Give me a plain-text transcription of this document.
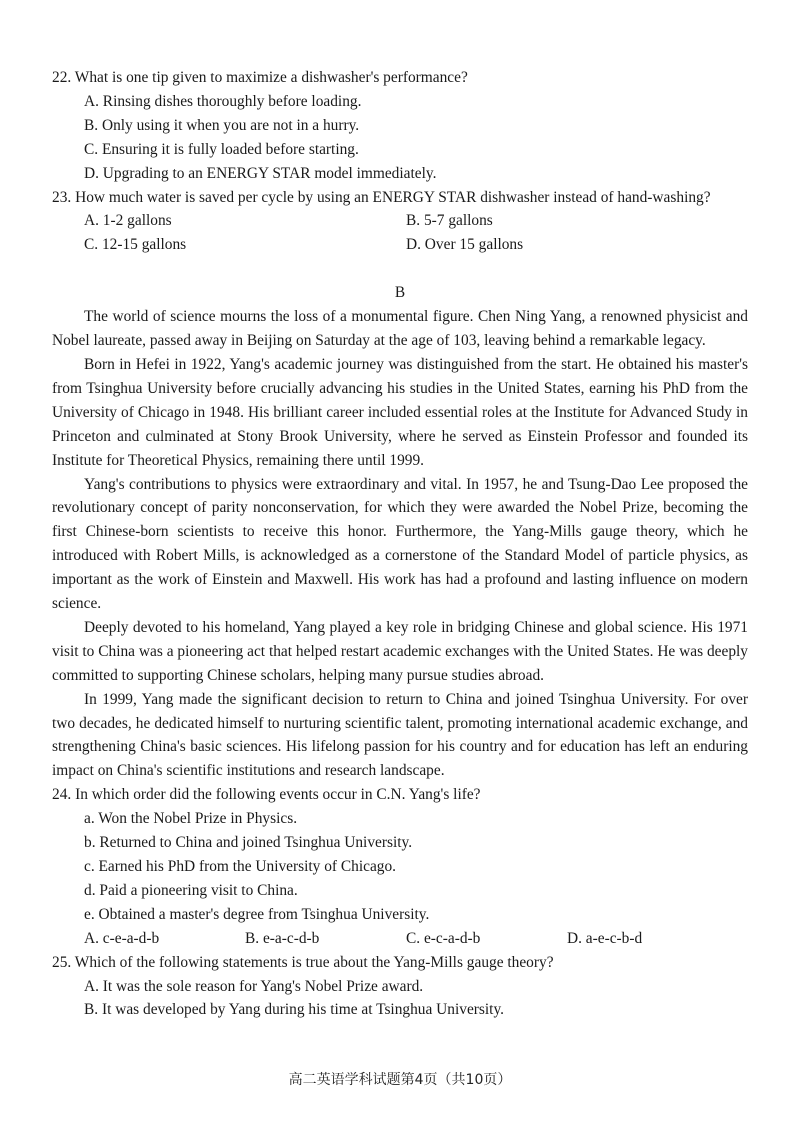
22. What is one tip given to maximize a dishwasher's performance?

A. Rinsing dishes thoroughly before loading.

B. Only using it when you are not in a hurry.

C. Ensuring it is fully loaded before starting.

D. Upgrading to an ENERGY STAR model immediately.

23. How much water is saved per cycle by using an ENERGY STAR dishwasher instead of hand-washing?

A. 1-2 gallons	B. 5-7 gallons
C. 12-15 gallons	D. Over 15 gallons

B

The world of science mourns the loss of a monumental figure. Chen Ning Yang, a renowned physicist and Nobel laureate, passed away in Beijing on Saturday at the age of 103, leaving behind a remarkable legacy.

Born in Hefei in 1922, Yang's academic journey was distinguished from the start. He obtained his master's from Tsinghua University before crucially advancing his studies in the United States, earning his PhD from the University of Chicago in 1948. His brilliant career included essential roles at the Institute for Advanced Study in Princeton and culminated at Stony Brook University, where he served as Einstein Professor and founded its Institute for Theoretical Physics, remaining there until 1999.

Yang's contributions to physics were extraordinary and vital. In 1957, he and Tsung-Dao Lee proposed the revolutionary concept of parity nonconservation, for which they were awarded the Nobel Prize, becoming the first Chinese-born scientists to receive this honor. Furthermore, the Yang-Mills gauge theory, which he introduced with Robert Mills, is acknowledged as a cornerstone of the Standard Model of particle physics, as important as the work of Einstein and Maxwell. His work has had a profound and lasting influence on modern science.

Deeply devoted to his homeland, Yang played a key role in bridging Chinese and global science. His 1971 visit to China was a pioneering act that helped restart academic exchanges with the United States. He was deeply committed to supporting Chinese scholars, helping many pursue studies abroad.

In 1999, Yang made the significant decision to return to China and joined Tsinghua University. For over two decades, he dedicated himself to nurturing scientific talent, promoting international academic exchange, and strengthening China's basic sciences. His lifelong passion for his country and for education has left an enduring impact on China's scientific institutions and research landscape.

24. In which order did the following events occur in C.N. Yang's life?

a. Won the Nobel Prize in Physics.

b. Returned to China and joined Tsinghua University.

c. Earned his PhD from the University of Chicago.

d. Paid a pioneering visit to China.

e. Obtained a master's degree from Tsinghua University.

A. c-e-a-d-b	B. e-a-c-d-b	C. e-c-a-d-b	D. a-e-c-b-d

25. Which of the following statements is true about the Yang-Mills gauge theory?

A. It was the sole reason for Yang's Nobel Prize award.

B. It was developed by Yang during his time at Tsinghua University.

高二英语学科试题第4页（共10页）
